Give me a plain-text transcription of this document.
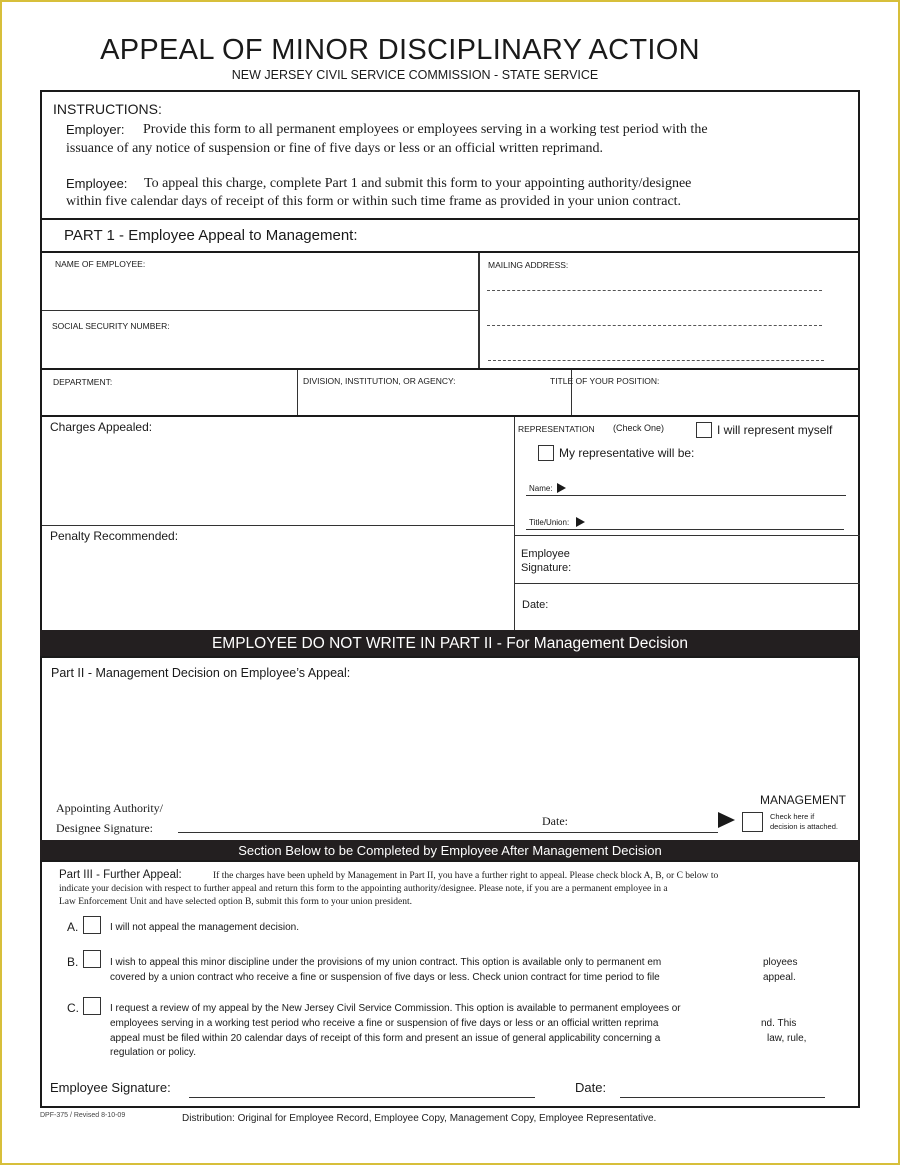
APPEAL OF MINOR DISCIPLINARY ACTION
NEW JERSEY CIVIL SERVICE COMMISSION - STATE SERVICE
INSTRUCTIONS:
Employer: Provide this form to all permanent employees or employees serving in a working test period with the
issuance of any notice of suspension or fine of five days or less or an official written reprimand.
Employee: To appeal this charge, complete Part 1 and submit this form to your appointing authority/designee
within five calendar days of receipt of this form or within such time frame as provided in your union contract.
PART 1 - Employee Appeal to Management:
NAME OF EMPLOYEE:
SOCIAL SECURITY NUMBER:
MAILING ADDRESS:
DEPARTMENT:	DIVISION, INSTITUTION, OR AGENCY:	TITLE OF YOUR POSITION:
Charges Appealed:
Penalty Recommended:
REPRESENTATION (Check One)	I will represent myself
My representative will be:
Name:
Title/Union:
Employee
Signature:
Date:
EMPLOYEE DO NOT WRITE IN PART II - For Management Decision
Part II - Management Decision on Employee’s Appeal:
Appointing Authority/
Designee Signature:	Date:
MANAGEMENT
Check here if
decision is attached.
Section Below to be Completed by Employee After Management Decision
Part III - Further Appeal:	If the charges have been upheld by Management in Part II, you have a further right to appeal. Please check block A, B, or C below to
indicate your decision with respect to further appeal and return this form to the appointing authority/designee. Please note, if you are a permanent employee in a
Law Enforcement Unit and have selected option B, submit this form to your union president.
A.	I will not appeal the management decision.
B.	I wish to appeal this minor discipline under the provisions of my union contract. This option is available only to permanent em	ployees
covered by a union contract who receive a fine or suspension of five days or less. Check union contract for time period to file	appeal.
C.	I request a review of my appeal by the New Jersey Civil Service Commission. This option is available to permanent employees or
employees serving in a working test period who receive a fine or suspension of five days or less or an official written reprima	nd. This
appeal must be filed within 20 calendar days of receipt of this form and present an issue of general applicability concerning a	law, rule,
regulation or policy.
Employee Signature:	Date:
DPF-375 / Revised 8-10-09	Distribution: Original for Employee Record, Employee Copy, Management Copy, Employee Representative.
